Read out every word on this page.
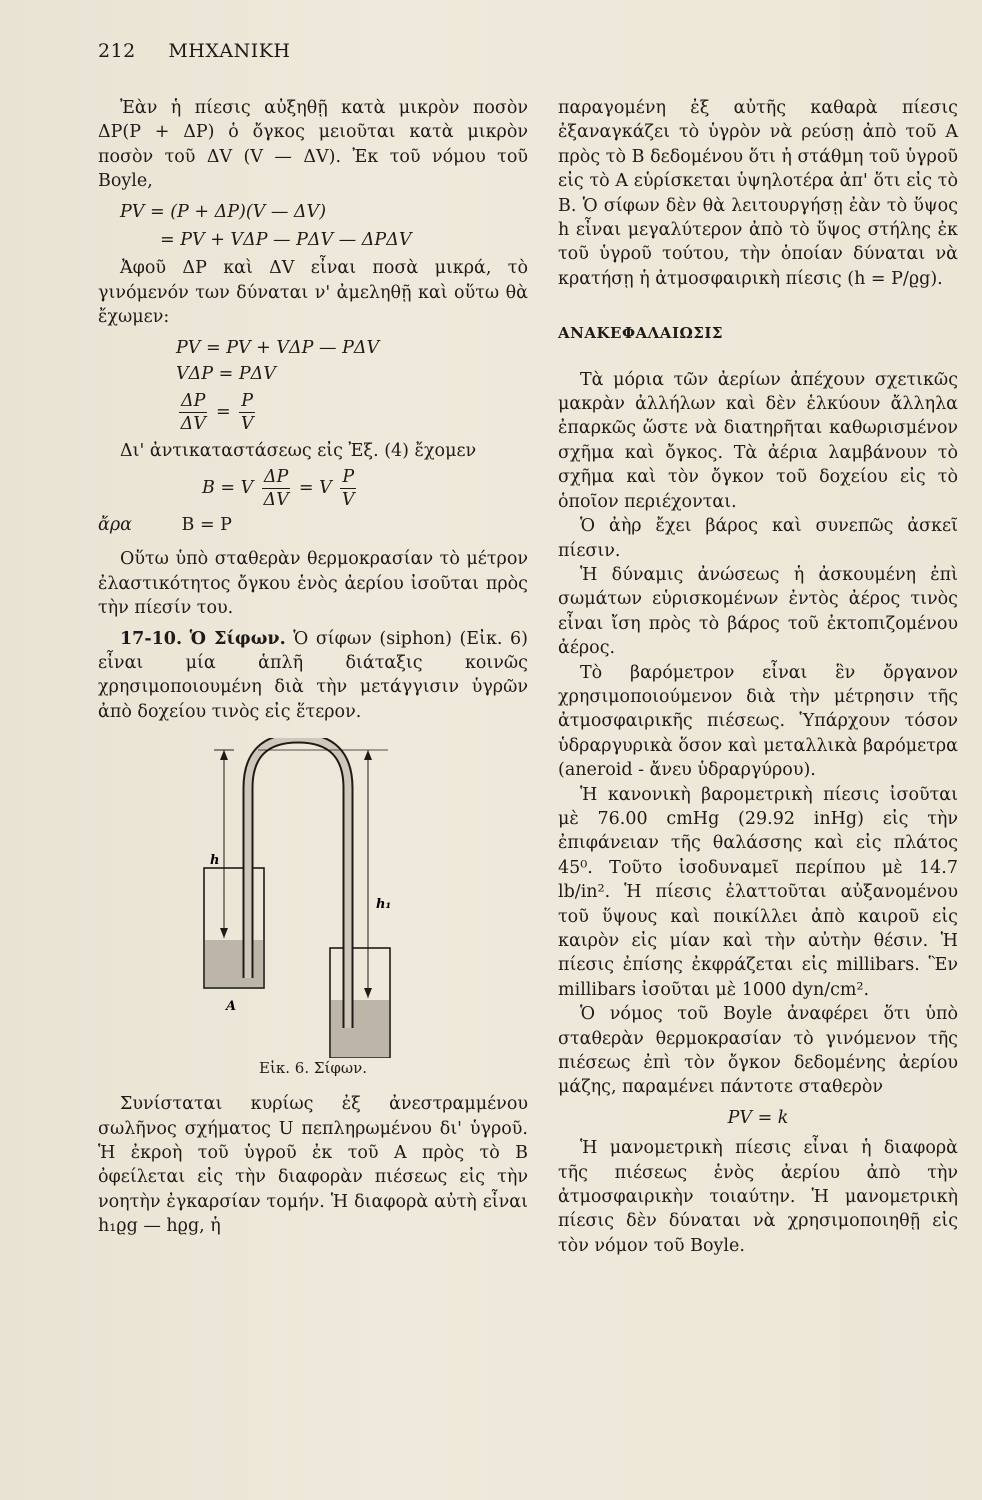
212 ΜΗΧΑΝΙΚΗ

Ἐὰν ἡ πίεσις αὐξηθῇ κατὰ μικρὸν ποσὸν ΔP(P + ΔP) ὁ ὄγκος μειοῦται κατὰ μικρὸν ποσὸν τοῦ ΔV (V — ΔV). Ἐκ τοῦ νόμου τοῦ Boyle,

PV = (P + ΔP)(V — ΔV)
= PV + VΔP — PΔV — ΔPΔV

Ἀφοῦ ΔP καὶ ΔV εἶναι ποσὰ μικρά, τὸ γινόμενόν των δύναται ν' ἀμεληθῇ καὶ οὕτω θὰ ἔχωμεν:

PV = PV + VΔP — PΔV
VΔP = PΔV
$\frac{\Delta P}{\Delta V} = \frac{P}{V}$

Δι' ἀντικαταστάσεως εἰς Ἐξ. (4) ἔχομεν

B = V $\frac{\Delta P}{\Delta V} = V \frac{P}{V}$
ἄρα	B = P

Οὕτω ὑπὸ σταθερὰν θερμοκρασίαν τὸ μέτρον ἐλαστικότητος ὄγκου ἑνὸς ἀερίου ἰσοῦται πρὸς τὴν πίεσίν του.

17-10. Ὁ Σίφων. Ὁ σίφων (siphon) (Εἰκ. 6) εἶναι μία ἁπλῆ διάταξις κοινῶς χρησιμοποιουμένη διὰ τὴν μετάγγισιν ὑγρῶν ἀπὸ δοχείου τινὸς εἰς ἕτερον.

h
h₁
A
Εἰκ. 6. Σίφων.

Συνίσταται κυρίως ἐξ ἀνεστραμμένου σωλῆνος σχήματος U πεπληρωμένου δι' ὑγροῦ. Ἡ ἐκροὴ τοῦ ὑγροῦ ἐκ τοῦ A πρὸς τὸ B ὀφείλεται εἰς τὴν διαφορὰν πιέσεως εἰς τὴν νοητὴν ἐγκαρσίαν τομήν. Ἡ διαφορὰ αὐτὴ εἶναι h₁ϱg — hϱg, ἡ

παραγομένη ἐξ αὐτῆς καθαρὰ πίεσις ἐξαναγκάζει τὸ ὑγρὸν νὰ ρεύσῃ ἀπὸ τοῦ A πρὸς τὸ B δεδομένου ὅτι ἡ στάθμη τοῦ ὑγροῦ εἰς τὸ A εὑρίσκεται ὑψηλοτέρα ἀπ' ὅτι εἰς τὸ B. Ὁ σίφων δὲν θὰ λειτουργήσῃ ἐὰν τὸ ὕψος h εἶναι μεγαλύτερον ἀπὸ τὸ ὕψος στήλης ἐκ τοῦ ὑγροῦ τούτου, τὴν ὁποίαν δύναται νὰ κρατήσῃ ἡ ἀτμοσφαιρικὴ πίεσις (h = P/ϱg).

ΑΝΑΚΕΦΑΛΑΙΩΣΙΣ

Τὰ μόρια τῶν ἀερίων ἀπέχουν σχετικῶς μακρὰν ἀλλήλων καὶ δὲν ἑλκύουν ἄλληλα ἐπαρκῶς ὥστε νὰ διατηρῆται καθωρισμένον σχῆμα καὶ ὄγκος. Τὰ ἀέρια λαμβάνουν τὸ σχῆμα καὶ τὸν ὄγκον τοῦ δοχείου εἰς τὸ ὁποῖον περιέχονται.

Ὁ ἀὴρ ἔχει βάρος καὶ συνεπῶς ἀσκεῖ πίεσιν.

Ἡ δύναμις ἀνώσεως ἡ ἀσκουμένη ἐπὶ σωμάτων εὑρισκομένων ἐντὸς ἀέρος τινὸς εἶναι ἴση πρὸς τὸ βάρος τοῦ ἐκτοπιζομένου ἀέρος.

Τὸ βαρόμετρον εἶναι ἓν ὄργανον χρησιμοποιούμενον διὰ τὴν μέτρησιν τῆς ἀτμοσφαιρικῆς πιέσεως. Ὑπάρχουν τόσον ὑδραργυρικὰ ὅσον καὶ μεταλλικὰ βαρόμετρα (aneroid - ἄνευ ὑδραργύρου).

Ἡ κανονικὴ βαρομετρικὴ πίεσις ἰσοῦται μὲ 76.00 cmHg (29.92 inHg) εἰς τὴν ἐπιφάνειαν τῆς θαλάσσης καὶ εἰς πλάτος 45⁰. Τοῦτο ἰσοδυναμεῖ περίπου μὲ 14.7 lb/in². Ἡ πίεσις ἐλαττοῦται αὐξανομένου τοῦ ὕψους καὶ ποικίλλει ἀπὸ καιροῦ εἰς καιρὸν εἰς μίαν καὶ τὴν αὐτὴν θέσιν. Ἡ πίεσις ἐπίσης ἐκφράζεται εἰς millibars. Ἓν millibars ἰσοῦται μὲ 1000 dyn/cm².

Ὁ νόμος τοῦ Boyle ἀναφέρει ὅτι ὑπὸ σταθερὰν θερμοκρασίαν τὸ γινόμενον τῆς πιέσεως ἐπὶ τὸν ὄγκον δεδομένης ἀερίου μάζης, παραμένει πάντοτε σταθερὸν

PV = k

Ἡ μανομετρικὴ πίεσις εἶναι ἡ διαφορὰ τῆς πιέσεως ἑνὸς ἀερίου ἀπὸ τὴν ἀτμοσφαιρικὴν τοιαύτην. Ἡ μανομετρικὴ πίεσις δὲν δύναται νὰ χρησιμοποιηθῇ εἰς τὸν νόμον τοῦ Boyle.
